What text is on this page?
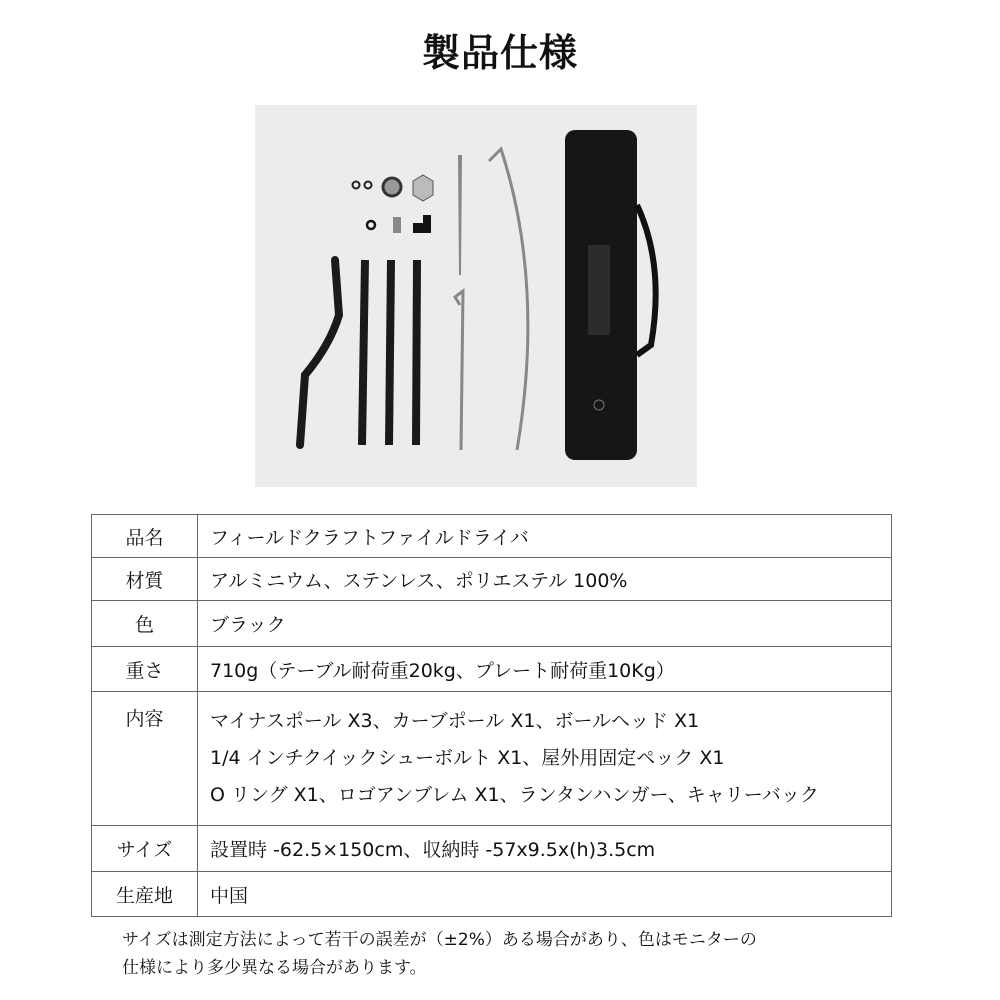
製品仕様
品名	フィールドクラフトファイルドライバ
材質	アルミニウム、ステンレス、ポリエステル 100%
色	ブラック
重さ	710g（テーブル耐荷重20kg、プレート耐荷重10Kg）
内容	マイナスポール X3、カーブポール X1、ボールヘッド X1
1/4 インチクイックシューボルト X1、屋外用固定ペック X1
O リング X1、ロゴアンブレム X1、ランタンハンガー、キャリーバック

サイズ	設置時 -62.5×150cm、収納時 -57x9.5x(h)3.5cm
生産地	中国
サイズは測定方法によって若干の誤差が（±2%）ある場合があり、色はモニターの
仕様により多少異なる場合があります。
